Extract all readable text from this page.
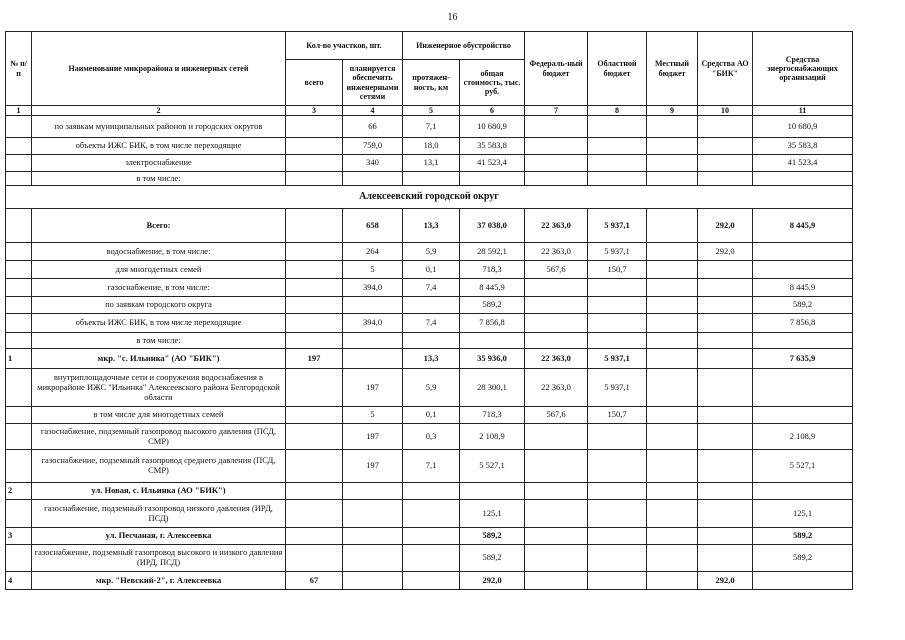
16
№ п/п	Наименование микрорайона и инженерных сетей	Кол-во участков, шт.		Инженерное обустройство		Федераль-ный бюджет	Областной бюджет	Местный бюджет	Средства АО "БИК"	Средства энергоснабжающих организаций
		всего	планируется обеспечить инженерными сетями	протяжен-ность, км	общая стоимость, тыс. руб.					
1	2	3	4	5	6	7	8	9	10	11
	по заявкам муниципальных районов и городских округов		66	7,1	10 680,9					10 680,9
	объекты ИЖС БИК, в том числе переходящие		759,0	18,0	35 583,8					35 583,8
	электроснабжение		340	13,1	41 523,4					41 523,4
	в том числе:									
Алексеевский городской округ										
	Всего:		658	13,3	37 038,0	22 363,0	5 937,1		292,0	8 445,9
	водоснабжение, в том числе:		264	5,9	28 592,1	22 363,0	5 937,1		292,0	
	для многодетных семей		5	0,1	718,3	567,6	150,7			
	газоснабжение, в том числе:		394,0	7,4	8 445,9					8 445,9
	по заявкам городского округа				589,2					589,2
	объекты ИЖС БИК, в том числе переходящие		394,0	7,4	7 856,8					7 856,8
	в том числе:									
1	мкр. "с. Ильинка" (АО "БИК")	197		13,3	35 936,0	22 363,0	5 937,1			7 635,9
	внутриплощадочные сети и сооружения водоснабжения в микрорайоне ИЖС "Ильинка" Алексеевского района Белгородской области		197	5,9	28 300,1	22 363,0	5 937,1			
	в том числе для многодетных семей		5	0,1	718,3	567,6	150,7			
	газоснабжение, подземный газопровод высокого давления (ПСД, СМР)		197	0,3	2 108,9					2 108,9
	газоснабжение, подземный газопровод среднего давления (ПСД, СМР)		197	7,1	5 527,1					5 527,1
2	ул. Новая, с. Ильинка (АО "БИК")									
	газоснабжение, подземный газопровод низкого давления (ИРД, ПСД)				125,1					125,1
3	ул. Песчаная, г. Алексеевка				589,2					589,2
	газоснабжение, подземный газопровод высокого и низкого давления (ИРД, ПСД)				589,2					589,2
4	мкр. "Невский-2", г. Алексеевка	67			292,0				292,0	
